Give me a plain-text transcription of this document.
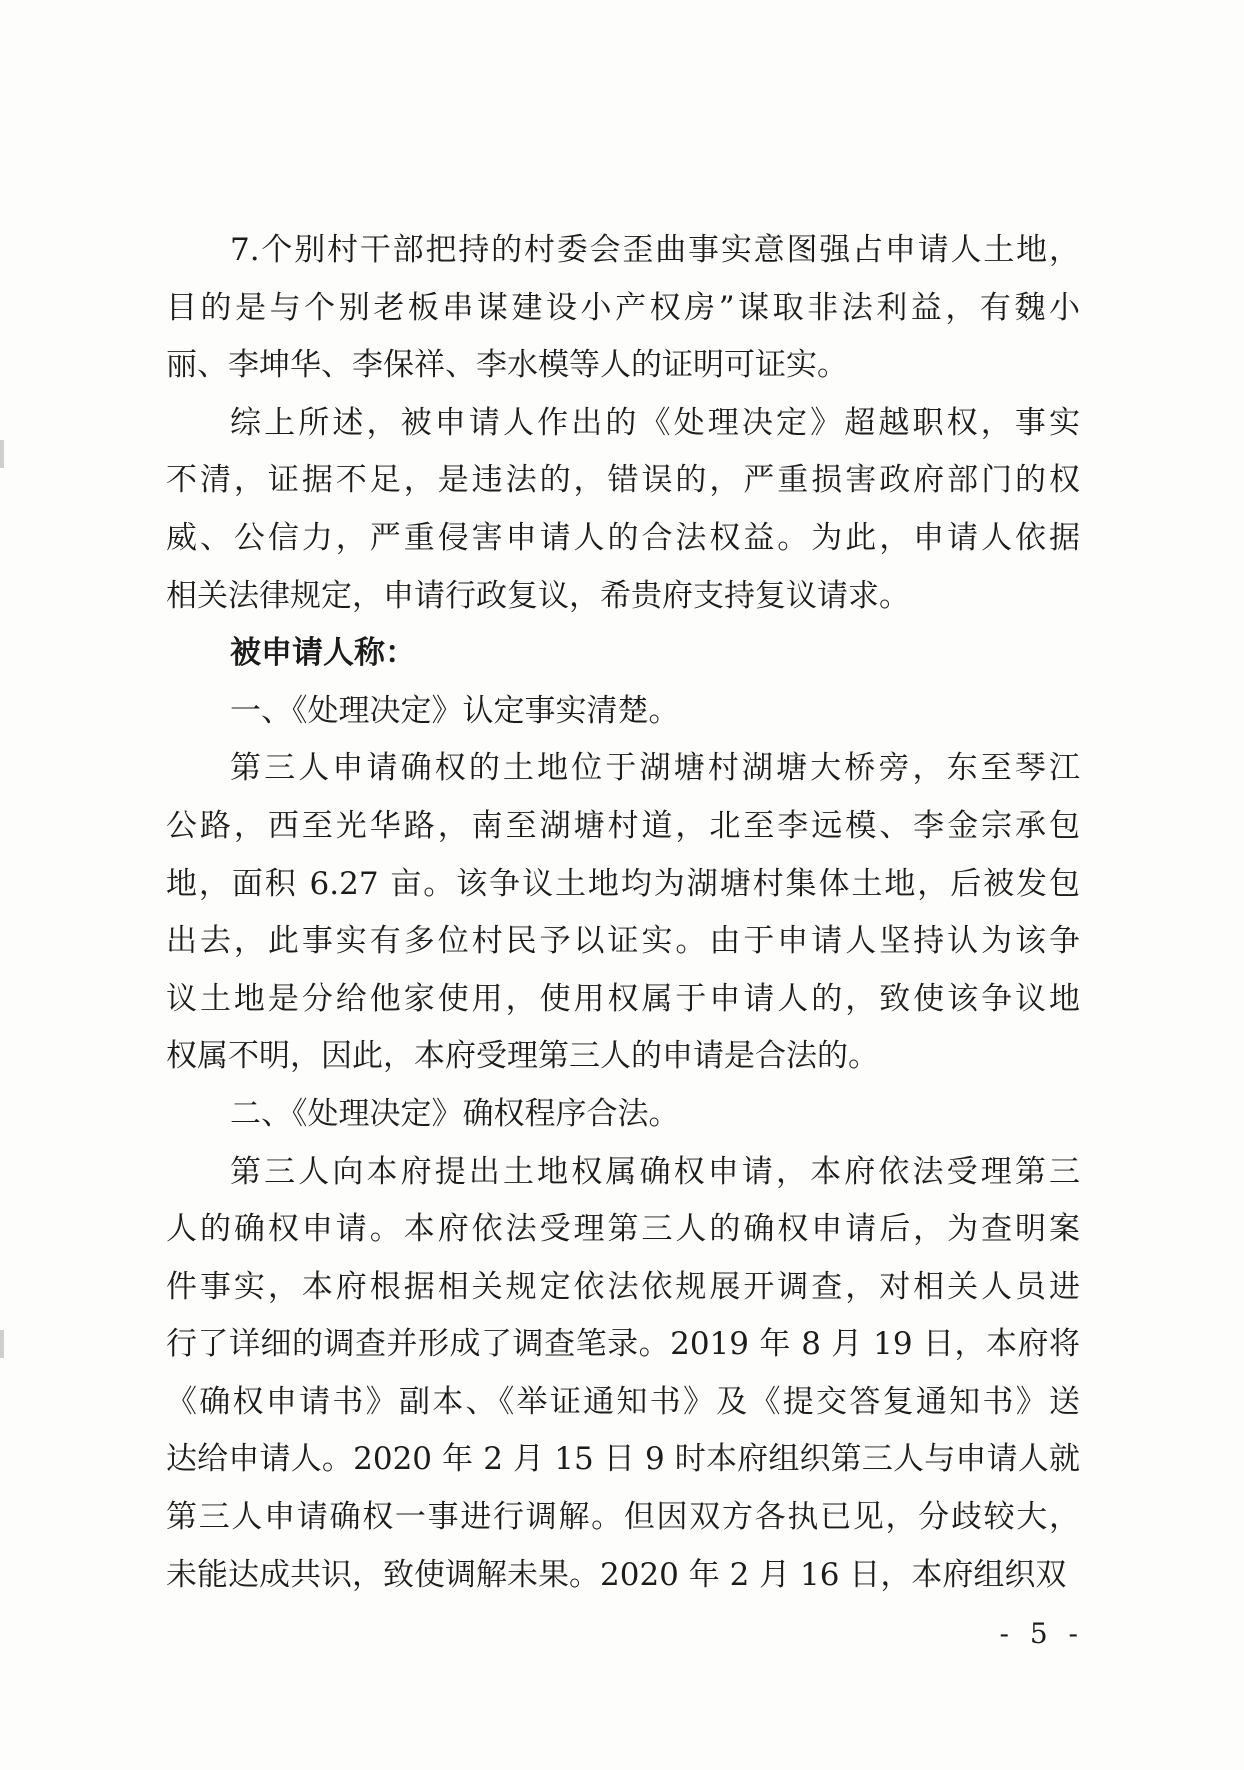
7.个别村干部把持的村委会歪曲事实意图强占申请人土地，
目的是与个别老板串谋建设小产权房”谋取非法利益，有魏小
丽、李坤华、李保祥、李水模等人的证明可证实。
综上所述，被申请人作出的《处理决定》超越职权，事实
不清，证据不足，是违法的，错误的，严重损害政府部门的权
威、公信力，严重侵害申请人的合法权益。为此，申请人依据
相关法律规定，申请行政复议，希贵府支持复议请求。
被申请人称：
一、《处理决定》认定事实清楚。
第三人申请确权的土地位于湖塘村湖塘大桥旁，东至琴江
公路，西至光华路，南至湖塘村道，北至李远模、李金宗承包
地，面积 6.27 亩。该争议土地均为湖塘村集体土地，后被发包
出去，此事实有多位村民予以证实。由于申请人坚持认为该争
议土地是分给他家使用，使用权属于申请人的，致使该争议地
权属不明，因此，本府受理第三人的申请是合法的。
二、《处理决定》确权程序合法。
第三人向本府提出土地权属确权申请，本府依法受理第三
人的确权申请。本府依法受理第三人的确权申请后，为查明案
件事实，本府根据相关规定依法依规展开调查，对相关人员进
行了详细的调查并形成了调查笔录。2019 年 8 月 19 日，本府将
《确权申请书》副本、《举证通知书》及《提交答复通知书》送
达给申请人。2020 年 2 月 15 日 9 时本府组织第三人与申请人就
第三人申请确权一事进行调解。但因双方各执已见，分歧较大，
未能达成共识，致使调解未果。2020 年 2 月 16 日，本府组织双
- 5 -
